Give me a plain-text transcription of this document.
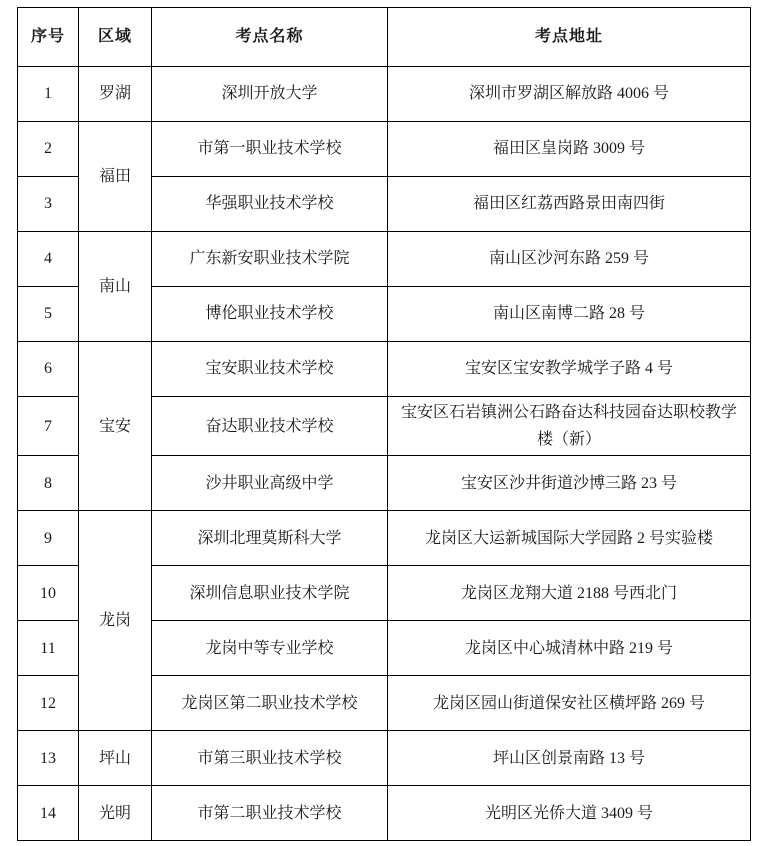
序号	区域	考点名称	考点地址
1	罗湖	深圳开放大学	深圳市罗湖区解放路 4006 号
2	福田	市第一职业技术学校	福田区皇岗路 3009 号
3		华强职业技术学校	福田区红荔西路景田南四街
4	南山	广东新安职业技术学院	南山区沙河东路 259 号
5		博伦职业技术学校	南山区南博二路 28 号
6	宝安	宝安职业技术学校	宝安区宝安教学城学子路 4 号
7		奋达职业技术学校	宝安区石岩镇洲公石路奋达科技园奋达职校教学楼（新）
8		沙井职业高级中学	宝安区沙井街道沙博三路 23 号
9	龙岗	深圳北理莫斯科大学	龙岗区大运新城国际大学园路 2 号实验楼
10		深圳信息职业技术学院	龙岗区龙翔大道 2188 号西北门
11		龙岗中等专业学校	龙岗区中心城清林中路 219 号
12		龙岗区第二职业技术学校	龙岗区园山街道保安社区横坪路 269 号
13	坪山	市第三职业技术学校	坪山区创景南路 13 号
14	光明	市第二职业技术学校	光明区光侨大道 3409 号
